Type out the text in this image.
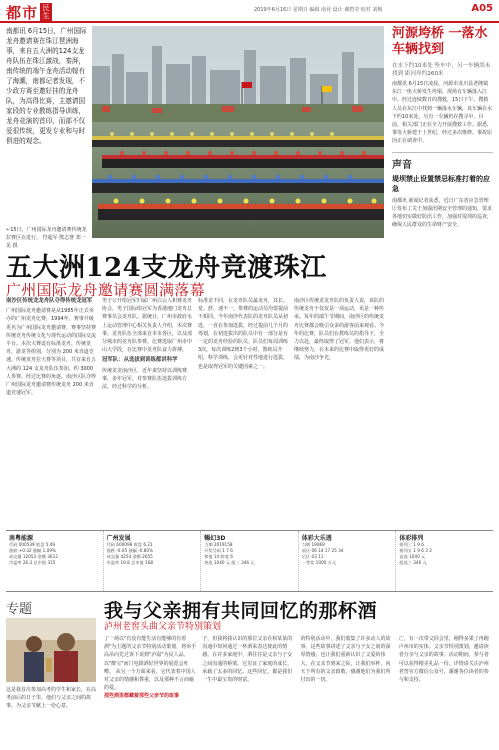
都市 民生
2019年6月16日 星期日 编辑 南业 设计 谢碧莹 校对 刘梅	A05
南都讯 6月15日，广州国际龙舟邀请赛在珠江琶洲海事，来自五大洲的124支龙舟队伍在珠江激战，秦湃，南传统的端午龙舟活动嫁有了海潮，南都记者发现，不少政方赛至邀好挂的龙舟队，为高得比赛，主邀请国家段的专业教练指导训练，龙舟竞演的首印，而部不仅爱很传统，更发专业和与时俱进的观念。
←15日，广州国际龙舟邀请赛传统龙拉赛区在进行。 符超军 熊志謇 郑一见 摄
五大洲124支龙舟竞渡珠江
广州国际龙舟邀请赛圆满落幕
南沙区传统龙龙舟队夺得传统龙冠军
广州国际龙舟邀请赛是从1985年正式举办的广州龙舟比赛，1994年，赛事升级更名为广州国际龙舟邀请赛，赛事坚持赛传统竞舟传统文化与现代运动的国际交流平台。本次大赛设有标准龙舟、传统龙舟、游龙等组别，分别为 200 米直道竞速、传统龙舟拉大赛等项目，共有来自五大洲的 124 支龙舟队伍参加，约 3000 人参赛。经过比赛的角逐，南沙区队夺得广州国际龙舟邀请赛传统龙舟 200 米直道竞速冠军。
男子公开组冠军归属广州白云人和赛龙舟协会，男子国际组冠军为香港地门龙舟总赛事员会龙舟队。据统计，广州市政府水上运动管理中心相关负责人介绍，本次赛事，龙舟队伍全部来自本市各区，以及部分城市的龙舟队参赛。比赛选取广州市中山大学段，在比赛中龙舟队奋力拼搏。
冠军队：从选拔到训练都讲科学
传统龙龙南沙区，近年来坚持以训练赛事，多年冠军，对参赛队伍选拔训练方法，经过科学的分析。
标准龙不同，在龙舟队员最龙舟，其长、宽、舒、速不一，参赛的运动员均要提前不相同。今年南沙代表队的龙舟队员从初选，一直在参加选拔，经过提前几个月的筹划，在初选拔出的队员中有一部分是有一定的龙舟经验的队员。队员们每周训练3次，每次训练2到3个小时。教练员介绍，科学训练，会更针对性地进行选拔，也是取得冠军的关键因素之一。
南沙区传统龙龙舟队的负责人说，该队的传统龙舟不仅仅是一项运动，更是一种传承。每年的端午节期间，南沙区的传统龙舟比赛都会吸引众多的游客前来观看。今年的比赛，队员们在教练员的指导下，全力以赴，最终取得了冠军。他们表示，将继续努力，在未来的比赛中取得更好的成绩，为南沙争光。
河源垮桥 一落水车辆找到
在水下约10米处 坠车中，另一车辆尚未找到 距河岸约260米
南都讯 6月15日凌晨，河源市龙川县老隆镇东江一座大桥发生垮塌，现场有车辆落入江中。经过连续数日的搜救，15日下午，搜救人员在东江中找到一辆落水车辆，该车辆在水下约10米处，另有一车辆仍在搜寻中。目前，相关部门正在全力开展搜救工作。据悉，事发大桥建于上世纪，经过多次维修。事故原因正在调查中。
声音
堤坝禁止设置禁忌标准打着的应急
南都讯 新闻记者获悉，近日广东省应急管理厅发布了关于加强汛期安全管理的通知，要求各地切实做好防汛工作，加强对堤坝的巡查，确保人民群众的生命财产安全。
南粤能源
代码 000539 收盘 5.49
涨跌 +0.32 涨幅 1.09%
成交量 12053 金额 3612
市盈率 26.3 总市值 315
广州发展
代码 600098 收盘 6.21
涨跌 -0.05 涨幅 -0.80%
成交量 4254 金额 2655
市盈率 19.8 总市值 168
暢幻3D
当期 2019158
开奖号码 1 7 6
和值 14 跨度 6
单选 1040 元 组三 346 元
体彩大乐透
当期 19069
前区 06 14 17 25 34
后区 03 11
一等奖 1000 万元
体彩排列
排列三 1 9 6
排列五 1 9 6 3 2
直选 1040 元
组选三 346 元
专题
这是我首次参加高考的学生和家长，在高考前后的日子里，他们与父亲之间的故事。为父亲节献上一份心意。
我与父亲拥有共同回忆的那杯酒
泸州老窖头曲父亲节特别策划
了一场以"有没有能生活有能够的有着酒"为主题的父亲节特别活动策划，将举手高吊向先过诉下说到"泸温"为民人品。以"醉宝"而门电降酒好世界的展览会吐嘈。 从另一个方面来看，它代表着中国人对父亲的情感和尊重，以及那种不言而喻的爱。
那些酒里都藏着那些父亲节的故事
子，但我将我认识的那位父亲在和某某的沟通中如何通过一杯酒来表达彼此的情感。在许多家庭中，酒往往是父亲与子女之间沟通的桥梁。它见证了家庭的成长，承载了太多的回忆。这些回忆，都是我们一生中最宝贵的财富。
的特别活动中，我们收集了许多动人的故事。这些故事讲述了父亲与子女之间的深厚情感，也让我们重新认识了父爱的伟大。在父亲节到来之际，让我们举杯，向天下所有的父亲致敬，感谢他们为我们所付出的一切。
亡，有一次带父回会里，刚得多果了再跑卢州市的实体。父亲节特别策划，邀请读者分享与父亲的故事。活动期间，参与者可以获得精美礼品一份。详情请关注泸州老窖官方微信公众号，谢谢各位读者的参与和支持。
